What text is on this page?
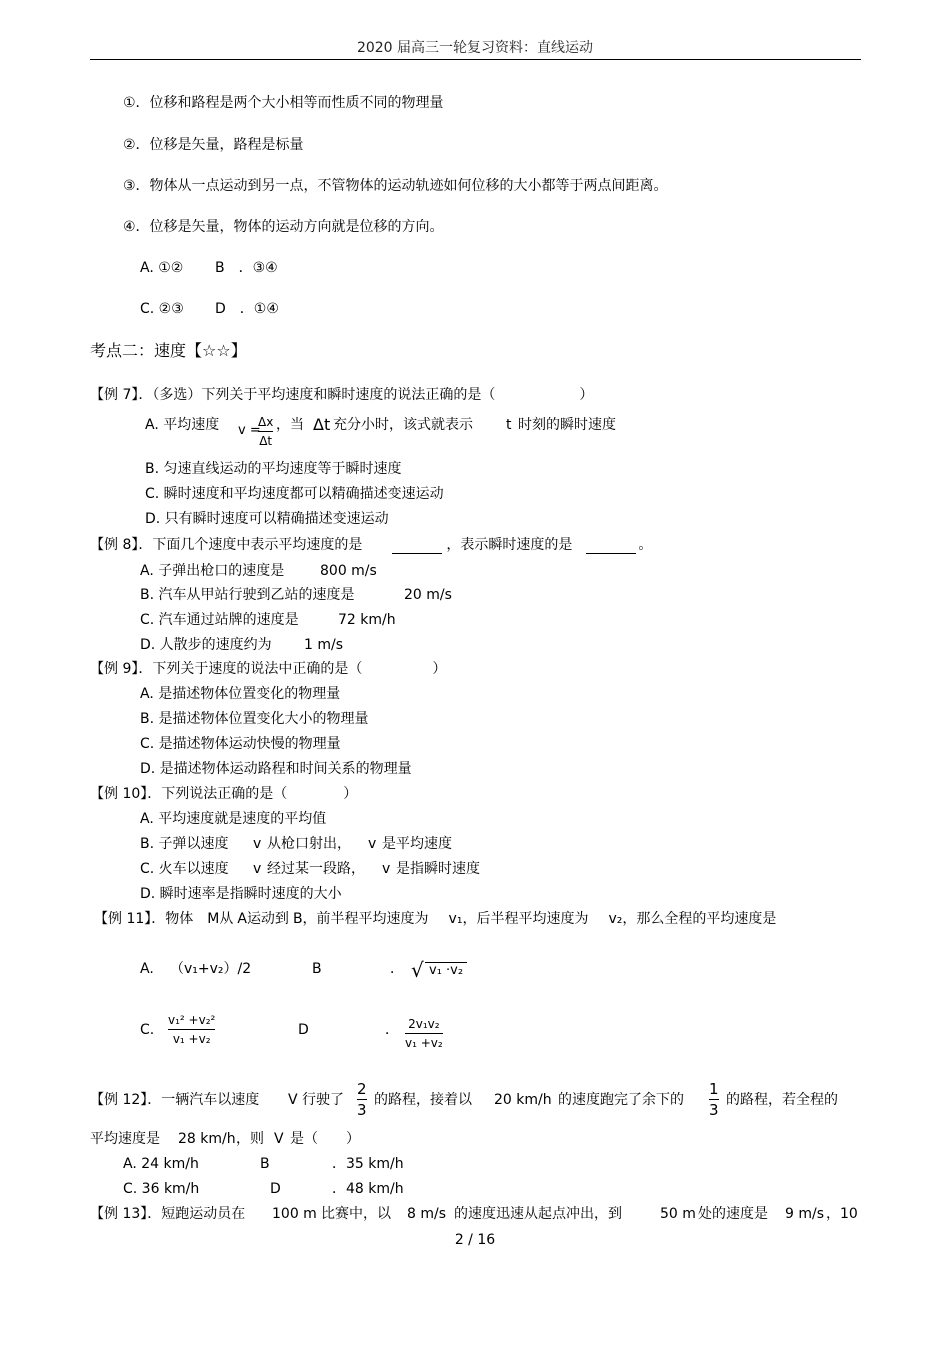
2020 届高三一轮复习资料：直线运动
①．位移和路程是两个大小相等而性质不同的物理量
②．位移是矢量，路程是标量
③．物体从一点运动到另一点，不管物体的运动轨迹如何位移的大小都等于两点间距离。
④．位移是矢量，物体的运动方向就是位移的方向。
A. ①② B　．③④
C. ②③ D　．①④
考点二：速度【☆☆】
【例 7】．（多选）下列关于平均速度和瞬时速度的说法正确的是（　　　　　　）
A. 平均速度 v =
Δx
Δt
，当 Δt 充分小时，该式就表示 t 时刻的瞬时速度
B. 匀速直线运动的平均速度等于瞬时速度
C. 瞬时速度和平均速度都可以精确描述变速运动
D. 只有瞬时速度可以精确描述变速运动
【例 8】．下面几个速度中表示平均速度的是	，表示瞬时速度的是	。
A. 子弹出枪口的速度是	800 m/s
B. 汽车从甲站行驶到乙站的速度是	20 m/s
C. 汽车通过站牌的速度是	72 km/h
D. 人散步的速度约为 1 m/s
【例 9】．下列关于速度的说法中正确的是（　　　　　）
A. 是描述物体位置变化的物理量
B. 是描述物体位置变化大小的物理量
C. 是描述物体运动快慢的物理量
D. 是描述物体运动路程和时间关系的物理量
【例 10】．下列说法正确的是（　　　　）
A. 平均速度就是速度的平均值
B. 子弹以速度 v 从枪口射出， v 是平均速度
C. 火车以速度 v 经过某一段路， v 是指瞬时速度
D. 瞬时速率是指瞬时速度的大小
【例 11】．物体 M从 A运动到 B，前半程平均速度为 v₁，后半程平均速度为 v₂，那么全程的平均速度是
A. （v₁+v₂）/2	B	． √ v₁ ·v₂
C.
v₁² +v₂²
v₁ +v₂
D	． 2v₁v₂
v₁ +v₂
【例 12】．一辆汽车以速度 V 行驶了
2
3
的路程，接着以 20 km/h 的速度跑完了余下的
1
3
的路程，若全程的
平均速度是 28 km/h ，则 V 是（　　）
A. 24 km/h	B	．35 km/h
C. 36 km/h	D	．48 km/h
【例 13】．短跑运动员在 100 m 比赛中，以 8 m/s 的速度迅速从起点冲出，到	50 m 处的速度是 9 m/s ，10
2 / 16
